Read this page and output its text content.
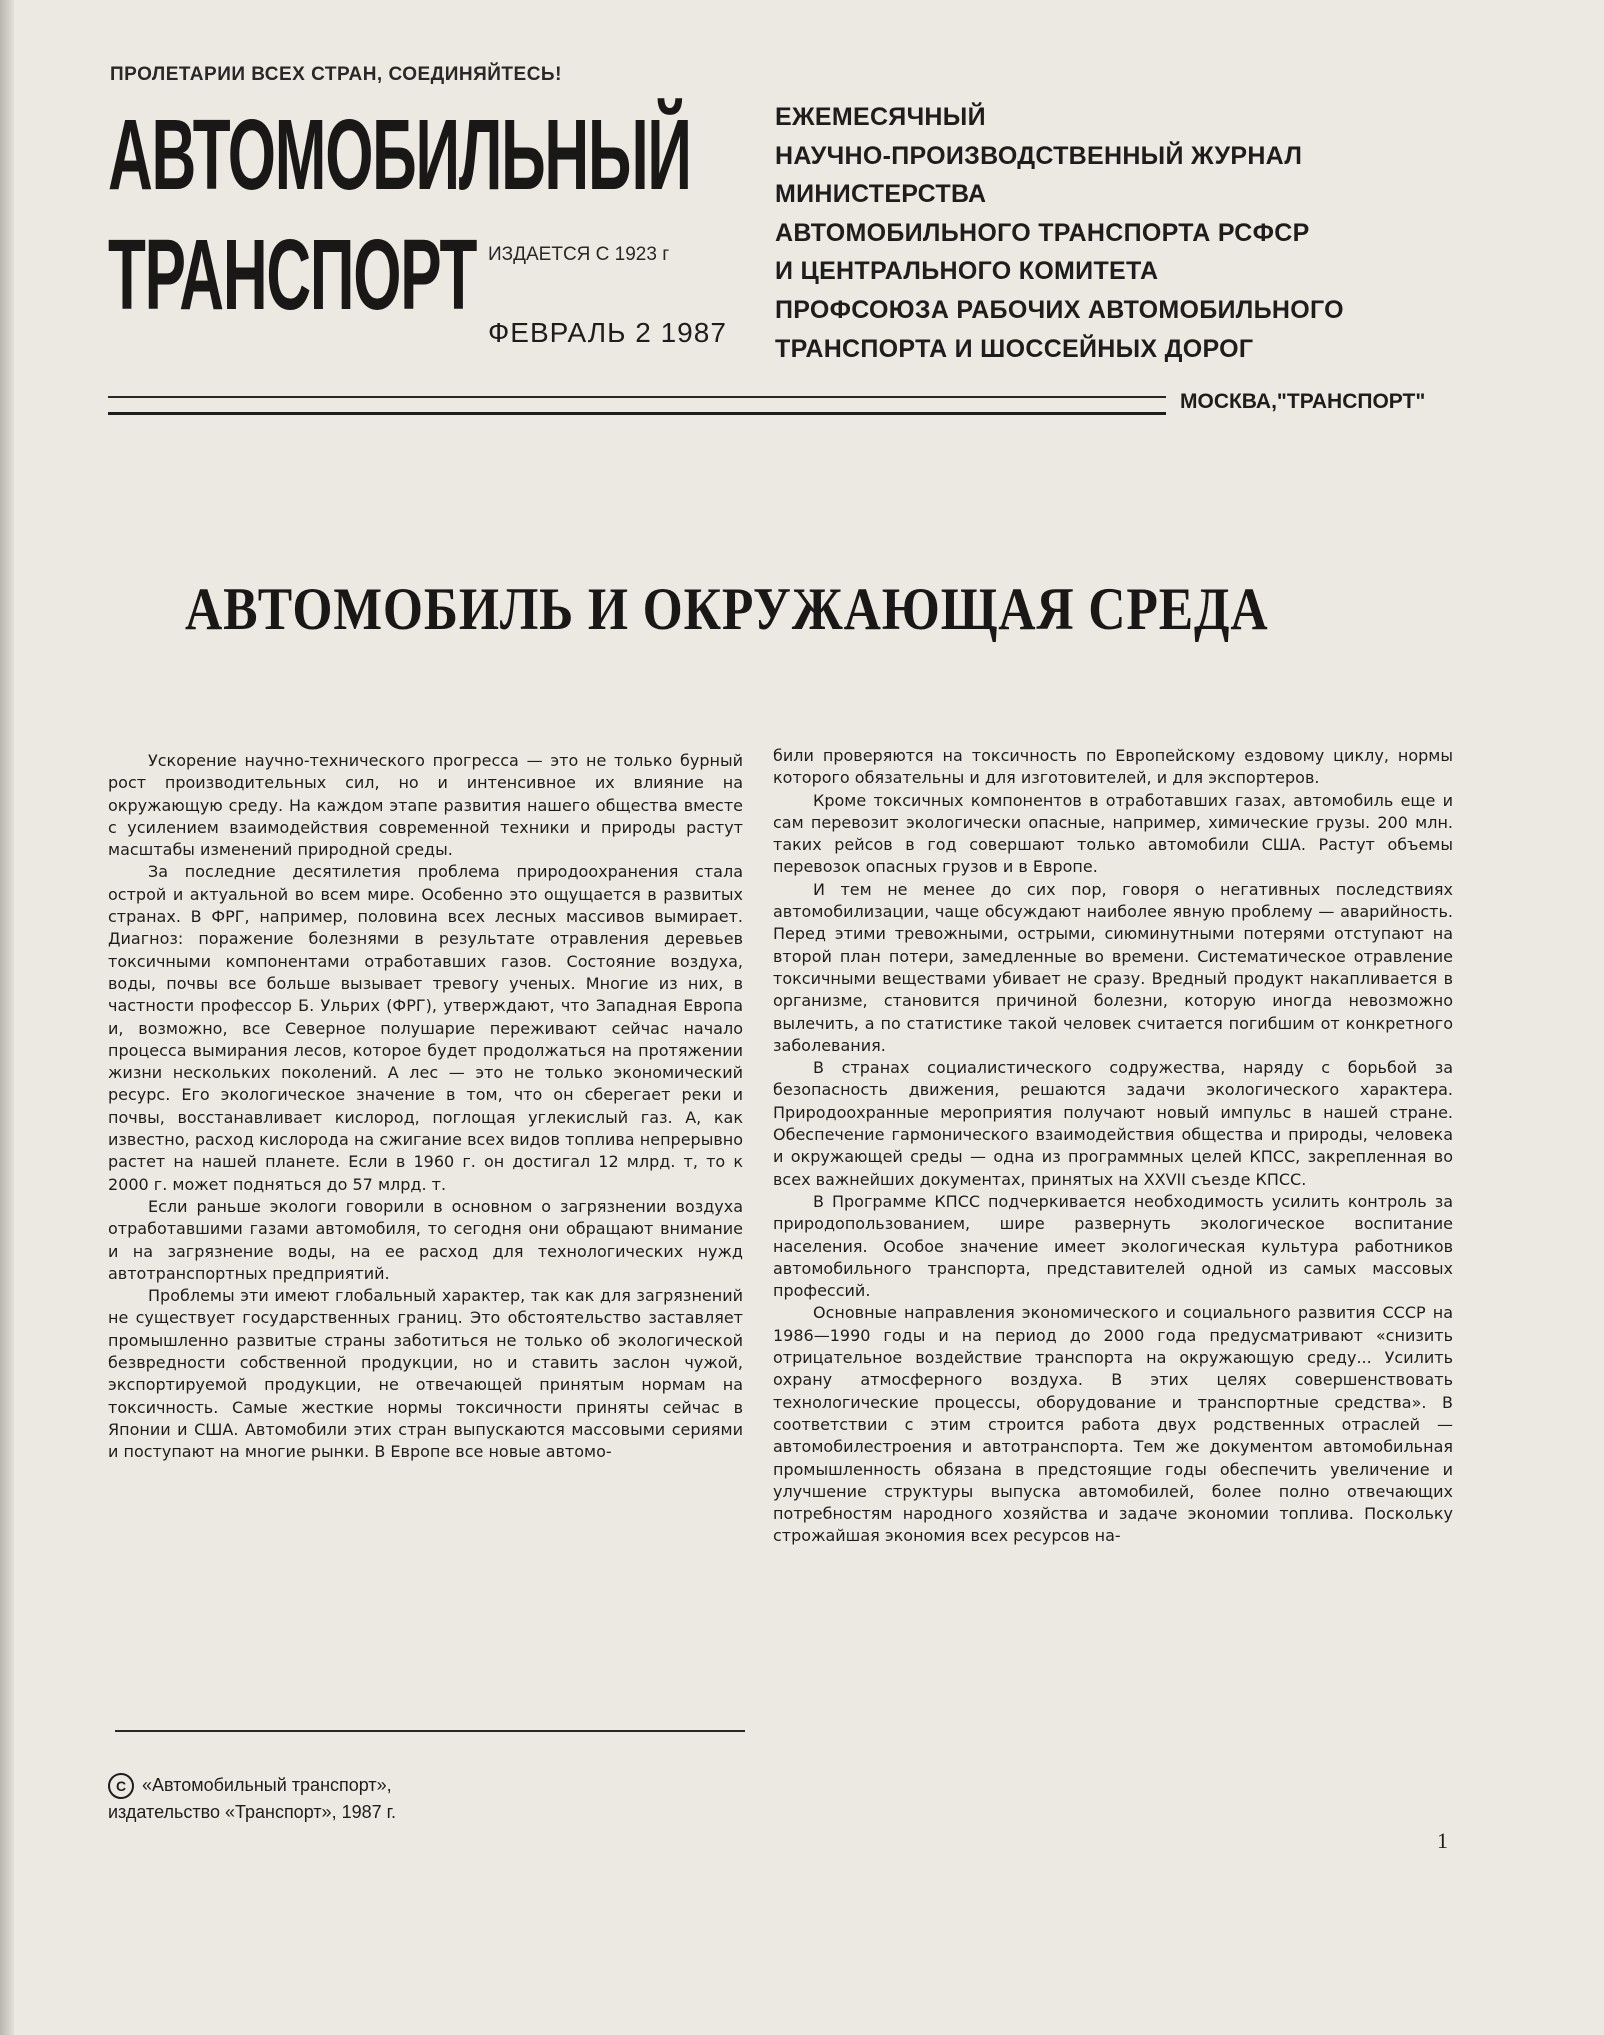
ПРОЛЕТАРИИ ВСЕХ СТРАН, СОЕДИНЯЙТЕСЬ!
АВТОМОБИЛЬНЫЙ
ТРАНСПОРТ ИЗДАЕТСЯ С 1923 г
ФЕВРАЛЬ 2 1987
ЕЖЕМЕСЯЧНЫЙ
НАУЧНО-ПРОИЗВОДСТВЕННЫЙ ЖУРНАЛ
МИНИСТЕРСТВА
АВТОМОБИЛЬНОГО ТРАНСПОРТА РСФСР
И ЦЕНТРАЛЬНОГО КОМИТЕТА
ПРОФСОЮЗА РАБОЧИХ АВТОМОБИЛЬНОГО
ТРАНСПОРТА И ШОССЕЙНЫХ ДОРОГ
МОСКВА,"ТРАНСПОРТ"
АВТОМОБИЛЬ И ОКРУЖАЮЩАЯ СРЕДА

Ускорение научно-технического прогресса — это не только бурный рост производительных сил, но и интенсивное их влияние на окружающую среду. На каждом этапе развития нашего общества вместе с усилением взаимодействия современной техники и природы растут масштабы изменений природной среды.

За последние десятилетия проблема природоохранения стала острой и актуальной во всем мире. Особенно это ощущается в развитых странах. В ФРГ, например, половина всех лесных массивов вымирает. Диагноз: поражение болезнями в результате отравления деревьев токсичными компонентами отработавших газов. Состояние воздуха, воды, почвы все больше вызывает тревогу ученых. Многие из них, в частности профессор Б. Ульрих (ФРГ), утверждают, что Западная Европа и, возможно, все Северное полушарие переживают сейчас начало процесса вымирания лесов, которое будет продолжаться на протяжении жизни нескольких поколений. А лес — это не только экономический ресурс. Его экологическое значение в том, что он сберегает реки и почвы, восстанавливает кислород, поглощая углекислый газ. А, как известно, расход кислорода на сжигание всех видов топлива непрерывно растет на нашей планете. Если в 1960 г. он достигал 12 млрд. т, то к 2000 г. может подняться до 57 млрд. т.

Если раньше экологи говорили в основном о загрязнении воздуха отработавшими газами автомобиля, то сегодня они обращают внимание и на загрязнение воды, на ее расход для технологических нужд автотранспортных предприятий.

Проблемы эти имеют глобальный характер, так как для загрязнений не существует государственных границ. Это обстоятельство заставляет промышленно развитые страны заботиться не только об экологической безвредности собственной продукции, но и ставить заслон чужой, экспортируемой продукции, не отвечающей принятым нормам на токсичность. Самые жесткие нормы токсичности приняты сейчас в Японии и США. Автомобили этих стран выпускаются массовыми сериями и поступают на многие рынки. В Европе все новые автомо-

били проверяются на токсичность по Европейскому ездовому циклу, нормы которого обязательны и для изготовителей, и для экспортеров.

Кроме токсичных компонентов в отработавших газах, автомобиль еще и сам перевозит экологически опасные, например, химические грузы. 200 млн. таких рейсов в год совершают только автомобили США. Растут объемы перевозок опасных грузов и в Европе.

И тем не менее до сих пор, говоря о негативных последствиях автомобилизации, чаще обсуждают наиболее явную проблему — аварийность. Перед этими тревожными, острыми, сиюминутными потерями отступают на второй план потери, замедленные во времени. Систематическое отравление токсичными веществами убивает не сразу. Вредный продукт накапливается в организме, становится причиной болезни, которую иногда невозможно вылечить, а по статистике такой человек считается погибшим от конкретного заболевания.

В странах социалистического содружества, наряду с борьбой за безопасность движения, решаются задачи экологического характера. Природоохранные мероприятия получают новый импульс в нашей стране. Обеспечение гармонического взаимодействия общества и природы, человека и окружающей среды — одна из программных целей КПСС, закрепленная во всех важнейших документах, принятых на XXVII съезде КПСС.

В Программе КПСС подчеркивается необходимость усилить контроль за природопользованием, шире развернуть экологическое воспитание населения. Особое значение имеет экологическая культура работников автомобильного транспорта, представителей одной из самых массовых профессий.

Основные направления экономического и социального развития СССР на 1986—1990 годы и на период до 2000 года предусматривают «снизить отрицательное воздействие транспорта на окружающую среду... Усилить охрану атмосферного воздуха. В этих целях совершенствовать технологические процессы, оборудование и транспортные средства». В соответствии с этим строится работа двух родственных отраслей — автомобилестроения и автотранспорта. Тем же документом автомобильная промышленность обязана в предстоящие годы обеспечить увеличение и улучшение структуры выпуска автомобилей, более полно отвечающих потребностям народного хозяйства и задаче экономии топлива. Поскольку строжайшая экономия всех ресурсов на-

C «Автомобильный транспорт»,
издательство «Транспорт», 1987 г.
1
